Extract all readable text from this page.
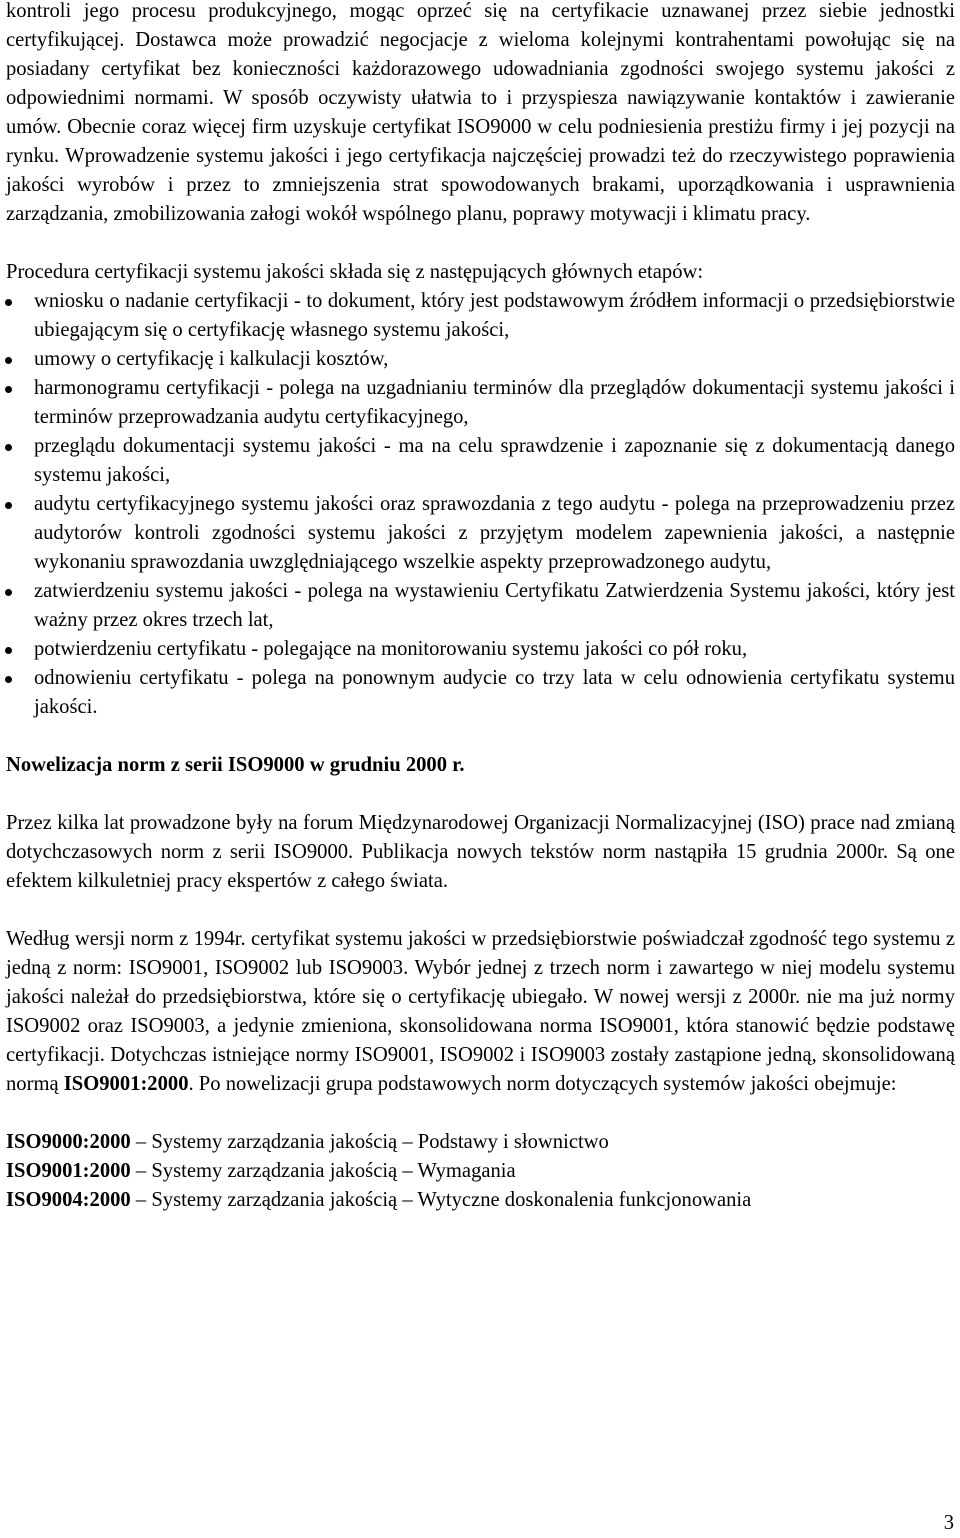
kontroli jego procesu produkcyjnego, mogąc oprzeć się na certyfikacie uznawanej przez siebie jednostki certyfikującej. Dostawca może prowadzić negocjacje z wieloma kolejnymi kontrahentami powołując się na posiadany certyfikat bez konieczności każdorazowego udowadniania zgodności swojego systemu jakości z odpowiednimi normami. W sposób oczywisty ułatwia to i przyspiesza nawiązywanie kontaktów i zawieranie umów. Obecnie coraz więcej firm uzyskuje certyfikat ISO9000 w celu podniesienia prestiżu firmy i jej pozycji na rynku. Wprowadzenie systemu jakości i jego certyfikacja najczęściej prowadzi też do rzeczywistego poprawienia jakości wyrobów i przez to zmniejszenia strat spowodowanych brakami, uporządkowania i usprawnienia zarządzania, zmobilizowania załogi wokół wspólnego planu, poprawy motywacji i klimatu pracy.

Procedura certyfikacji systemu jakości składa się z następujących głównych etapów:

wniosku o nadanie certyfikacji - to dokument, który jest podstawowym źródłem informacji o przedsiębiorstwie ubiegającym się o certyfikację własnego systemu jakości,
umowy o certyfikację i kalkulacji kosztów,
harmonogramu certyfikacji - polega na uzgadnianiu terminów dla przeglądów dokumentacji systemu jakości i terminów przeprowadzania audytu certyfikacyjnego,
przeglądu dokumentacji systemu jakości - ma na celu sprawdzenie i zapoznanie się z dokumentacją danego systemu jakości,
audytu certyfikacyjnego systemu jakości oraz sprawozdania z tego audytu - polega na przeprowadzeniu przez audytorów kontroli zgodności systemu jakości z przyjętym modelem zapewnienia jakości, a następnie wykonaniu sprawozdania uwzględniającego wszelkie aspekty przeprowadzonego audytu,
zatwierdzeniu systemu jakości - polega na wystawieniu Certyfikatu Zatwierdzenia Systemu jakości, który jest ważny przez okres trzech lat,
potwierdzeniu certyfikatu - polegające na monitorowaniu systemu jakości co pół roku,
odnowieniu certyfikatu - polega na ponownym audycie co trzy lata w celu odnowienia certyfikatu systemu jakości.

Nowelizacja norm z serii ISO9000 w grudniu 2000 r.

Przez kilka lat prowadzone były na forum Międzynarodowej Organizacji Normalizacyjnej (ISO) prace nad zmianą dotychczasowych norm z serii ISO9000. Publikacja nowych tekstów norm nastąpiła 15 grudnia 2000r. Są one efektem kilkuletniej pracy ekspertów z całego świata.

Według wersji norm z 1994r. certyfikat systemu jakości w przedsiębiorstwie poświadczał zgodność tego systemu z jedną z norm: ISO9001, ISO9002 lub ISO9003. Wybór jednej z trzech norm i zawartego w niej modelu systemu jakości należał do przedsiębiorstwa, które się o certyfikację ubiegało. W nowej wersji z 2000r. nie ma już normy ISO9002 oraz ISO9003, a jedynie zmieniona, skonsolidowana norma ISO9001, która stanowić będzie podstawę certyfikacji. Dotychczas istniejące normy ISO9001, ISO9002 i ISO9003 zostały zastąpione jedną, skonsolidowaną normą ISO9001:2000. Po nowelizacji grupa podstawowych norm dotyczących systemów jakości obejmuje:

ISO9000:2000 – Systemy zarządzania jakością – Podstawy i słownictwo

ISO9001:2000 – Systemy zarządzania jakością – Wymagania

ISO9004:2000 – Systemy zarządzania jakością – Wytyczne doskonalenia funkcjonowania

3
